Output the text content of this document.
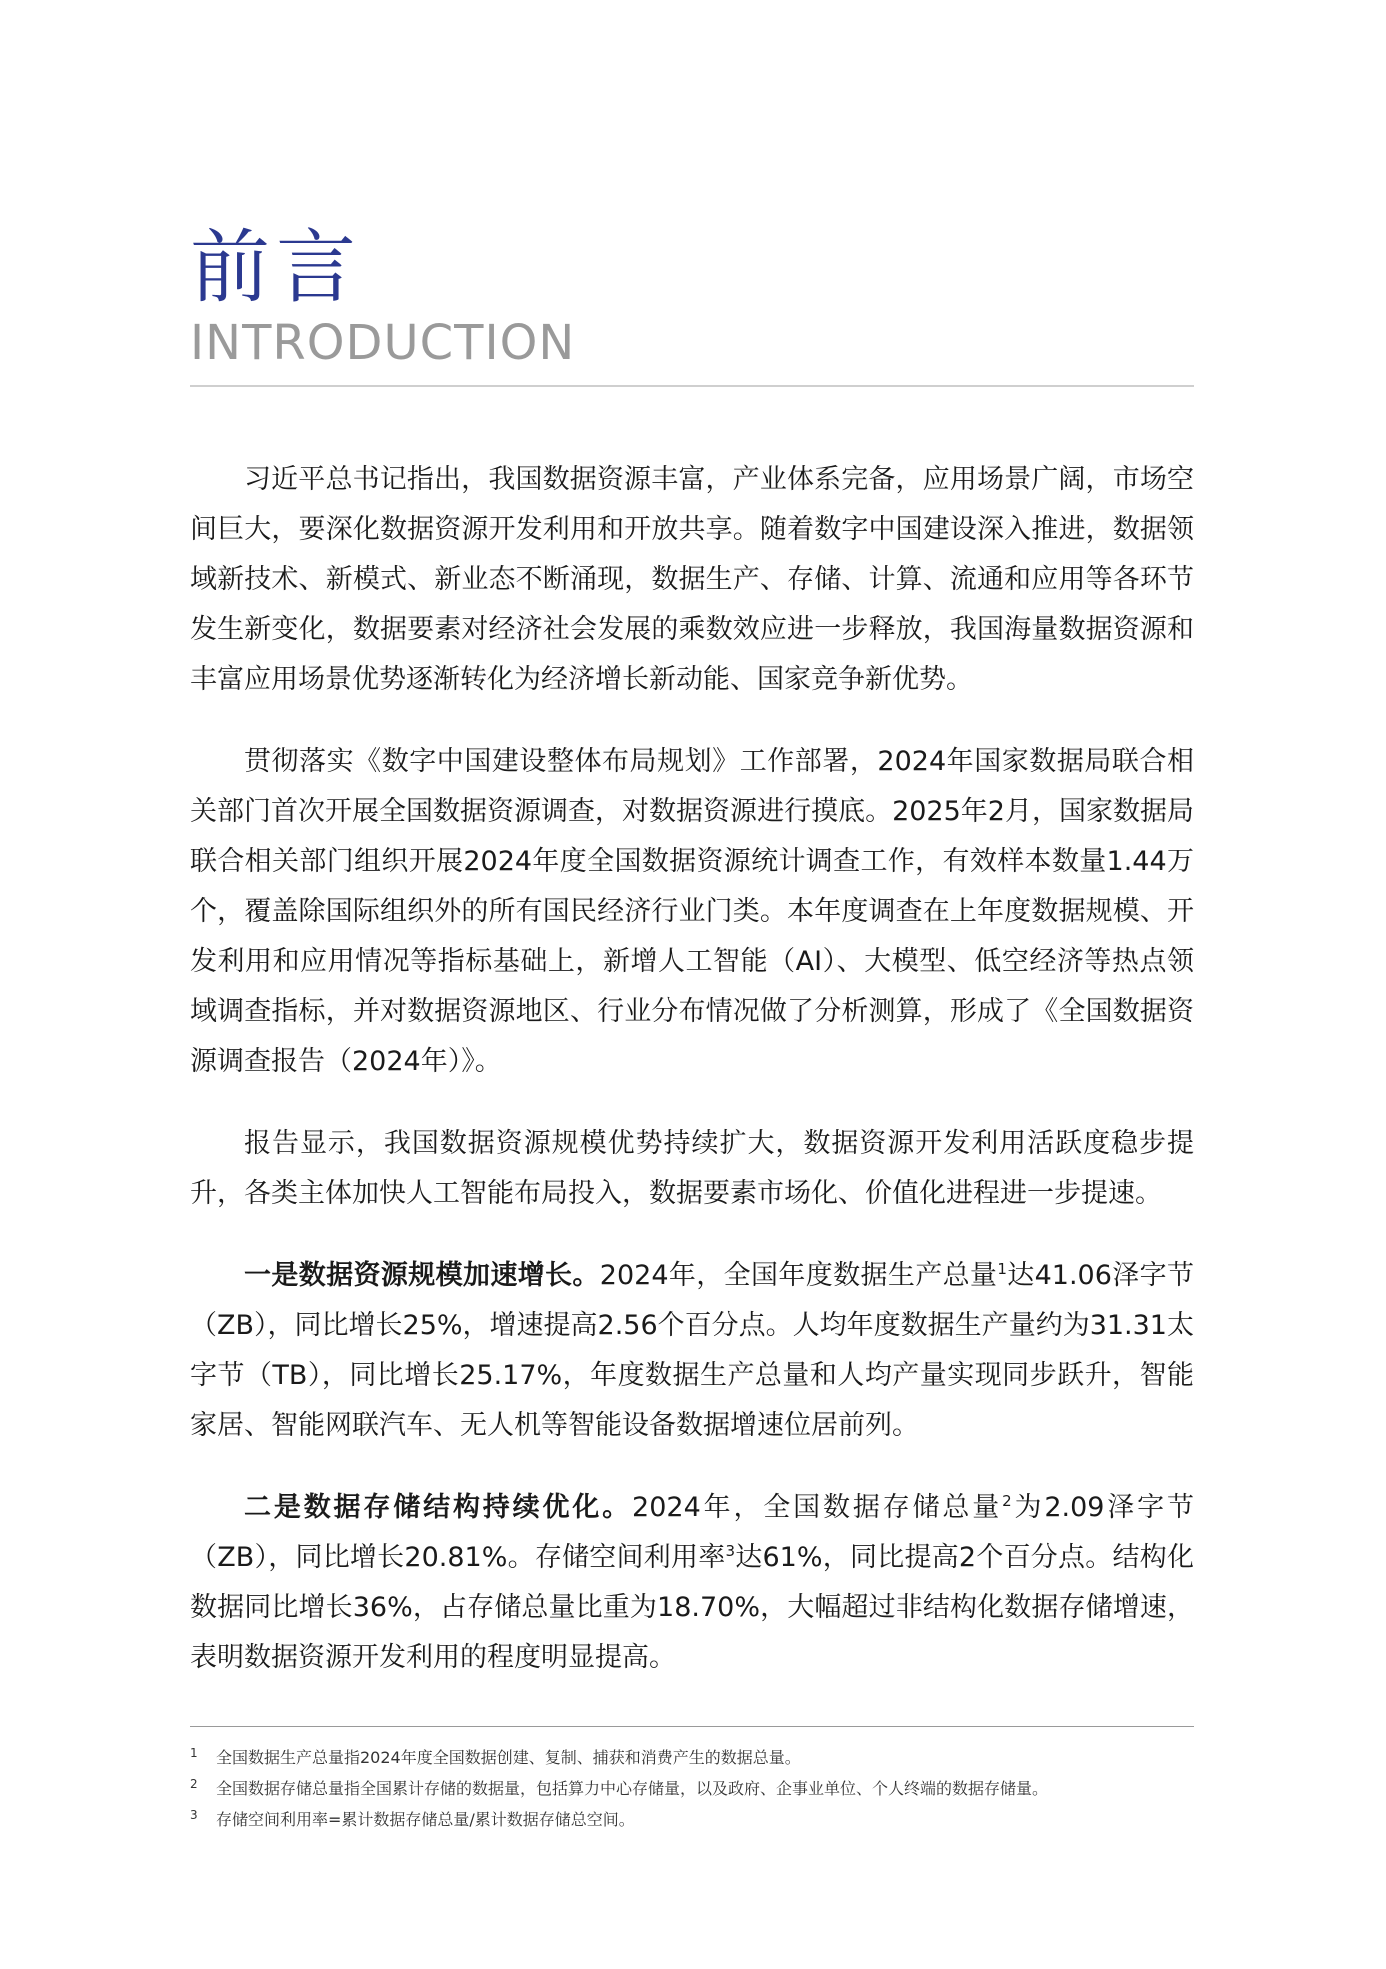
前言
INTRODUCTION

习近平总书记指出，我国数据资源丰富，产业体系完备，应用场景广阔，市场空间巨大，要深化数据资源开发利用和开放共享。随着数字中国建设深入推进，数据领域新技术、新模式、新业态不断涌现，数据生产、存储、计算、流通和应用等各环节发生新变化，数据要素对经济社会发展的乘数效应进一步释放，我国海量数据资源和丰富应用场景优势逐渐转化为经济增长新动能、国家竞争新优势。

贯彻落实《数字中国建设整体布局规划》工作部署，2024年国家数据局联合相关部门首次开展全国数据资源调查，对数据资源进行摸底。2025年2月，国家数据局联合相关部门组织开展2024年度全国数据资源统计调查工作，有效样本数量1.44万个，覆盖除国际组织外的所有国民经济行业门类。本年度调查在上年度数据规模、开发利用和应用情况等指标基础上，新增人工智能（AI）、大模型、低空经济等热点领域调查指标，并对数据资源地区、行业分布情况做了分析测算，形成了《全国数据资源调查报告（2024年）》。

报告显示，我国数据资源规模优势持续扩大，数据资源开发利用活跃度稳步提升，各类主体加快人工智能布局投入，数据要素市场化、价值化进程进一步提速。

一是数据资源规模加速增长。2024年，全国年度数据生产总量$^1$达41.06泽字节（ZB），同比增长25%，增速提高2.56个百分点。人均年度数据生产量约为31.31太字节（TB），同比增长25.17%，年度数据生产总量和人均产量实现同步跃升，智能家居、智能网联汽车、无人机等智能设备数据增速位居前列。

二是数据存储结构持续优化。2024年，全国数据存储总量$^2$为2.09泽字节（ZB），同比增长20.81%。存储空间利用率$^3$达61%，同比提高2个百分点。结构化数据同比增长36%，占存储总量比重为18.70%，大幅超过非结构化数据存储增速，表明数据资源开发利用的程度明显提高。

1	全国数据生产总量指2024年度全国数据创建、复制、捕获和消费产生的数据总量。
2	全国数据存储总量指全国累计存储的数据量，包括算力中心存储量，以及政府、企事业单位、个人终端的数据存储量。
3	存储空间利用率=累计数据存储总量/累计数据存储总空间。
